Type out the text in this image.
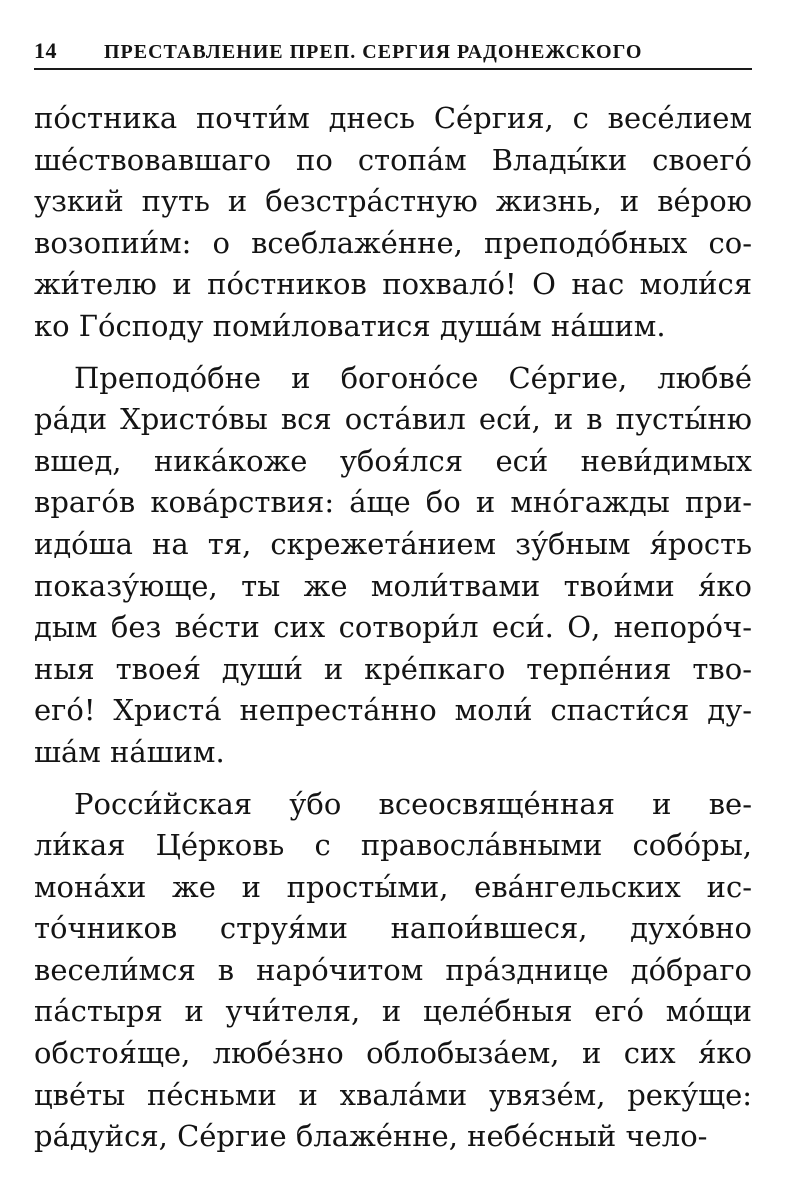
14	ПРЕСТАВЛЕНИЕ ПРЕП. СЕРГИЯ РАДОНЕЖСКОГО
по́стника почти́м днесь Се́ргия, с весе́лием
ше́ствовавшаго по стопа́м Влады́ки своего́
узкий путь и безстра́стную жизнь, и ве́рою
возопии́м: о всеблаже́нне, преподо́бных со-
жи́телю и по́стников похвало́! О нас моли́ся
ко Го́споду поми́ловатися душа́м на́шим.
Преподо́бне и богоно́се Се́ргие, любве́
ра́ди Христо́вы вся оста́вил еси́, и в пусты́ню
вшед, ника́коже убоя́лся еси́ неви́димых
враго́в кова́рствия: а́ще бо и мно́гажды при-
идо́ша на тя, скрежета́нием зу́бным я́рость
показу́юще, ты же моли́твами твои́ми я́ко
дым без ве́сти сих сотвори́л еси́. О, непоро́ч-
ныя твоея́ души́ и кре́пкаго терпе́ния тво-
его́! Христа́ непреста́нно моли́ спасти́ся ду-
ша́м на́шим.
Росси́йская у́бо всеосвяще́нная и ве-
ли́кая Це́рковь с правосла́вными собо́ры,
мона́хи же и просты́ми, ева́нгельских ис-
то́чников струя́ми напои́вшеся, духо́вно
весели́мся в наро́читом пра́зднице до́браго
па́стыря и учи́теля, и целе́бныя его́ мо́щи
обстоя́ще, любе́зно облобыза́ем, и сих я́ко
цве́ты пе́сньми и хвала́ми увязе́м, реку́ще:
ра́дуйся, Се́ргие блаже́нне, небе́сный чело-
